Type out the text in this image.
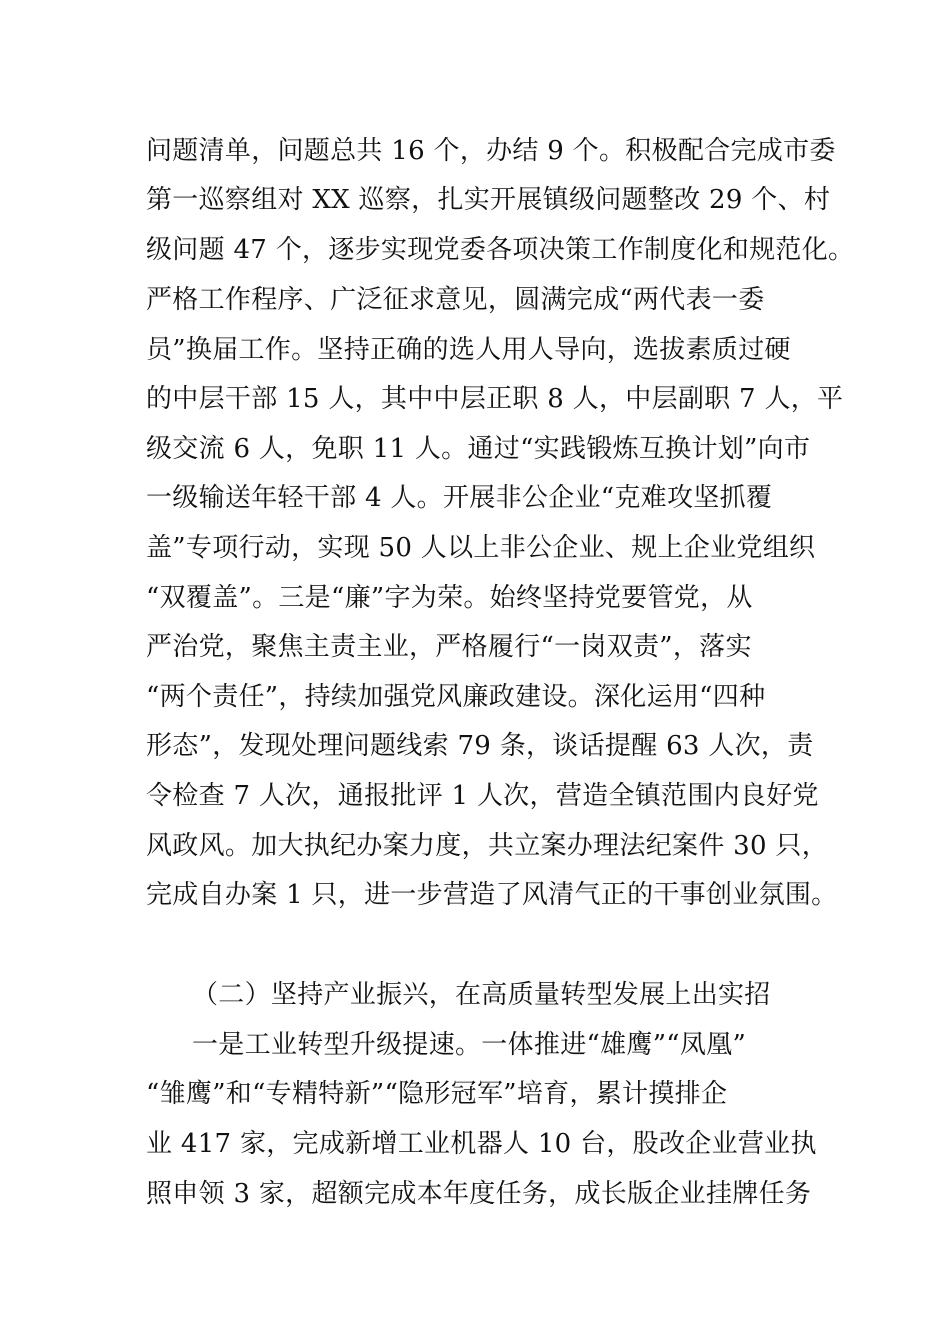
问题清单，问题总共 16 个，办结 9 个。积极配合完成市委
第一巡察组对 XX 巡察，扎实开展镇级问题整改 29 个、村
级问题 47 个，逐步实现党委各项决策工作制度化和规范化。
严格工作程序、广泛征求意见，圆满完成“两代表一委
员”换届工作。坚持正确的选人用人导向，选拔素质过硬
的中层干部 15 人，其中中层正职 8 人，中层副职 7 人，平
级交流 6 人，免职 11 人。通过“实践锻炼互换计划”向市
一级输送年轻干部 4 人。开展非公企业“克难攻坚抓覆
盖”专项行动，实现 50 人以上非公企业、规上企业党组织
“双覆盖”。三是“廉”字为荣。始终坚持党要管党，从
严治党，聚焦主责主业，严格履行“一岗双责”，落实
“两个责任”，持续加强党风廉政建设。深化运用“四种
形态”，发现处理问题线索 79 条，谈话提醒 63 人次，责
令检查 7 人次，通报批评 1 人次，营造全镇范围内良好党
风政风。加大执纪办案力度，共立案办理法纪案件 30 只，
完成自办案 1 只，进一步营造了风清气正的干事创业氛围。
（二）坚持产业振兴，在高质量转型发展上出实招
一是工业转型升级提速。一体推进“雄鹰”“凤凰”
“雏鹰”和“专精特新”“隐形冠军”培育，累计摸排企
业 417 家，完成新增工业机器人 10 台，股改企业营业执
照申领 3 家，超额完成本年度任务，成长版企业挂牌任务
